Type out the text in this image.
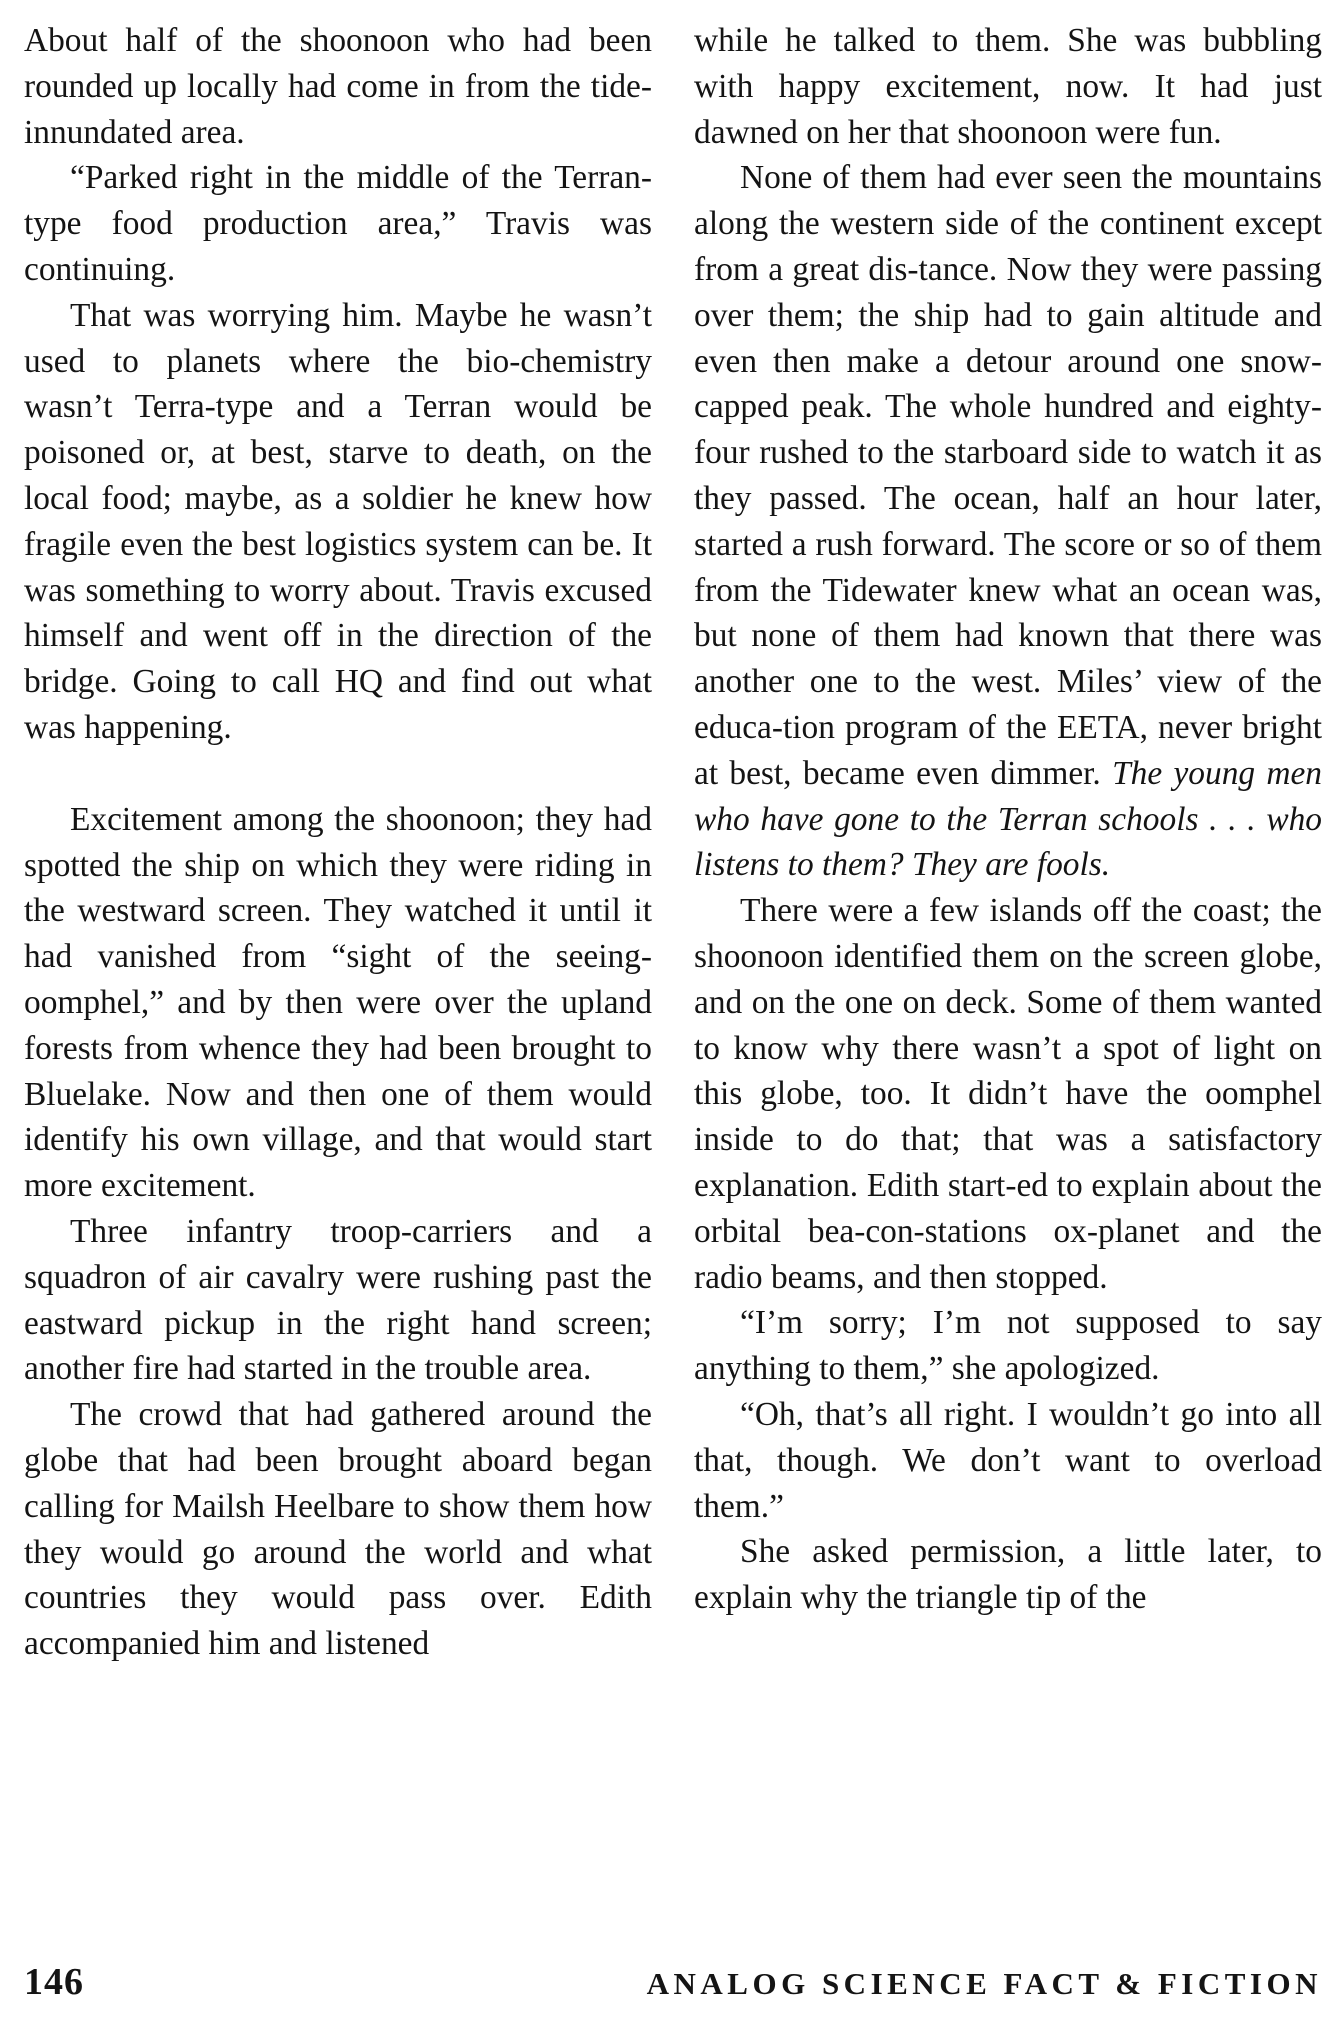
About half of the shoonoon who had been rounded up locally had come in from the tide-innundated area.

“Parked right in the middle of the Terran-type food production area,” Travis was continuing.

That was worrying him. Maybe he wasn’t used to planets where the bio-chemistry wasn’t Terra-type and a Terran would be poisoned or, at best, starve to death, on the local food; maybe, as a soldier he knew how fragile even the best logistics system can be. It was something to worry about. Travis excused himself and went off in the direction of the bridge. Going to call HQ and find out what was happening.

Excitement among the shoonoon; they had spotted the ship on which they were riding in the westward screen. They watched it until it had vanished from “sight of the seeing-oomphel,” and by then were over the upland forests from whence they had been brought to Bluelake. Now and then one of them would identify his own village, and that would start more excitement.

Three infantry troop-carriers and a squadron of air cavalry were rushing past the eastward pickup in the right hand screen; another fire had started in the trouble area.

The crowd that had gathered around the globe that had been brought aboard began calling for Mailsh Heelbare to show them how they would go around the world and what countries they would pass over. Edith accompanied him and listened

while he talked to them. She was bubbling with happy excitement, now. It had just dawned on her that shoonoon were fun.

None of them had ever seen the mountains along the western side of the continent except from a great dis-tance. Now they were passing over them; the ship had to gain altitude and even then make a detour around one snow-capped peak. The whole hundred and eighty-four rushed to the starboard side to watch it as they passed. The ocean, half an hour later, started a rush forward. The score or so of them from the Tidewater knew what an ocean was, but none of them had known that there was another one to the west. Miles’ view of the educa-tion program of the EETA, never bright at best, became even dimmer. The young men who have gone to the Terran schools . . . who listens to them? They are fools.

There were a few islands off the coast; the shoonoon identified them on the screen globe, and on the one on deck. Some of them wanted to know why there wasn’t a spot of light on this globe, too. It didn’t have the oomphel inside to do that; that was a satisfactory explanation. Edith start-ed to explain about the orbital bea-con-stations ox-planet and the radio beams, and then stopped.

“I’m sorry; I’m not supposed to say anything to them,” she apologized.

“Oh, that’s all right. I wouldn’t go into all that, though. We don’t want to overload them.”

She asked permission, a little later, to explain why the triangle tip of the

146	ANALOG SCIENCE FACT & FICTION
